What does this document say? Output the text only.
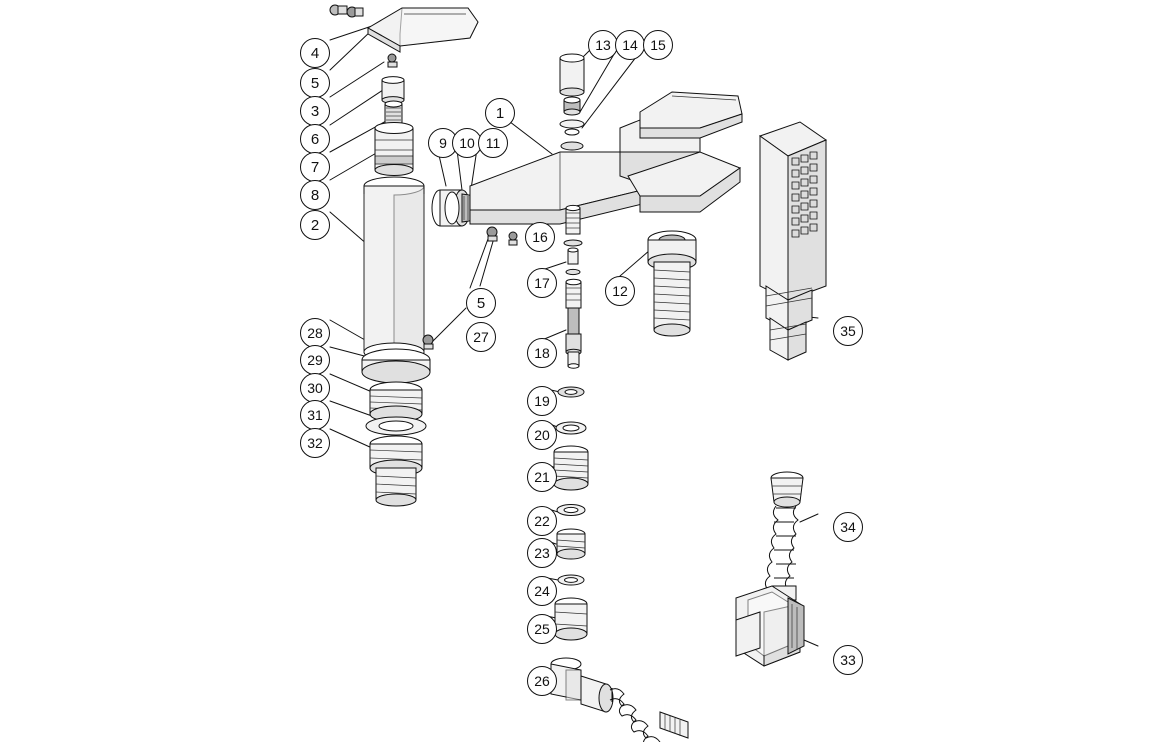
4
5
3
6
7
8
2
9 10 11
1
13 14 15
16
5
27
17
18
12
19
20
21
22
23
24
25
26
28
29
30
31
32
35
34
33
